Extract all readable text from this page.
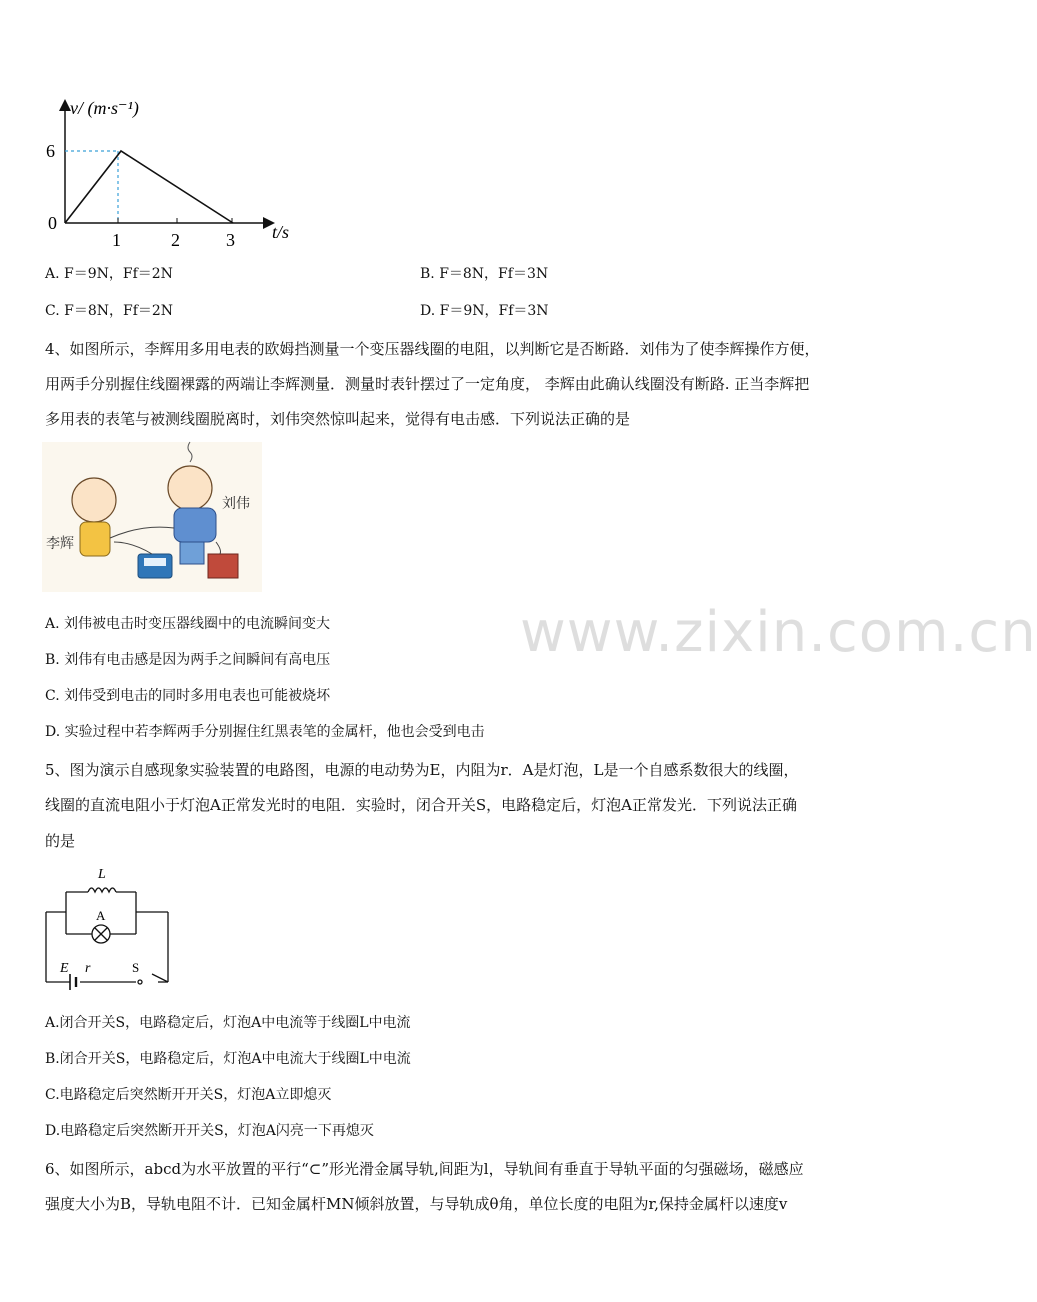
v/ (m·s⁻¹)
t/s
0
6
1	2	3
A. F＝9N，Ff＝2N	B. F＝8N，Ff＝3N
C. F＝8N，Ff＝2N	D. F＝9N，Ff＝3N
4、如图所示，李辉用多用电表的欧姆挡测量一个变压器线圈的电阻，以判断它是否断路．刘伟为了使李辉操作方便，
用两手分别握住线圈裸露的两端让李辉测量．测量时表针摆过了一定角度， 李辉由此确认线圈没有断路. 正当李辉把
多用表的表笔与被测线圈脱离时，刘伟突然惊叫起来，觉得有电击感．下列说法正确的是
李辉
刘伟
A. 刘伟被电击时变压器线圈中的电流瞬间变大
B. 刘伟有电击感是因为两手之间瞬间有高电压
C. 刘伟受到电击的同时多用电表也可能被烧坏
D. 实验过程中若李辉两手分别握住红黑表笔的金属杆，他也会受到电击
5、图为演示自感现象实验装置的电路图，电源的电动势为E，内阻为r．A是灯泡，L是一个自感系数很大的线圈，
线圈的直流电阻小于灯泡A正常发光时的电阻．实验时，闭合开关S，电路稳定后，灯泡A正常发光．下列说法正确
的是
L
A
E r	S
A.闭合开关S，电路稳定后，灯泡A中电流等于线圈L中电流
B.闭合开关S，电路稳定后，灯泡A中电流大于线圈L中电流
C.电路稳定后突然断开开关S，灯泡A立即熄灭
D.电路稳定后突然断开开关S，灯泡A闪亮一下再熄灭
6、如图所示，abcd为水平放置的平行“⊂”形光滑金属导轨,间距为l，导轨间有垂直于导轨平面的匀强磁场，磁感应
强度大小为B，导轨电阻不计．已知金属杆MN倾斜放置，与导轨成θ角，单位长度的电阻为r,保持金属杆以速度v
www.zixin.com.cn
